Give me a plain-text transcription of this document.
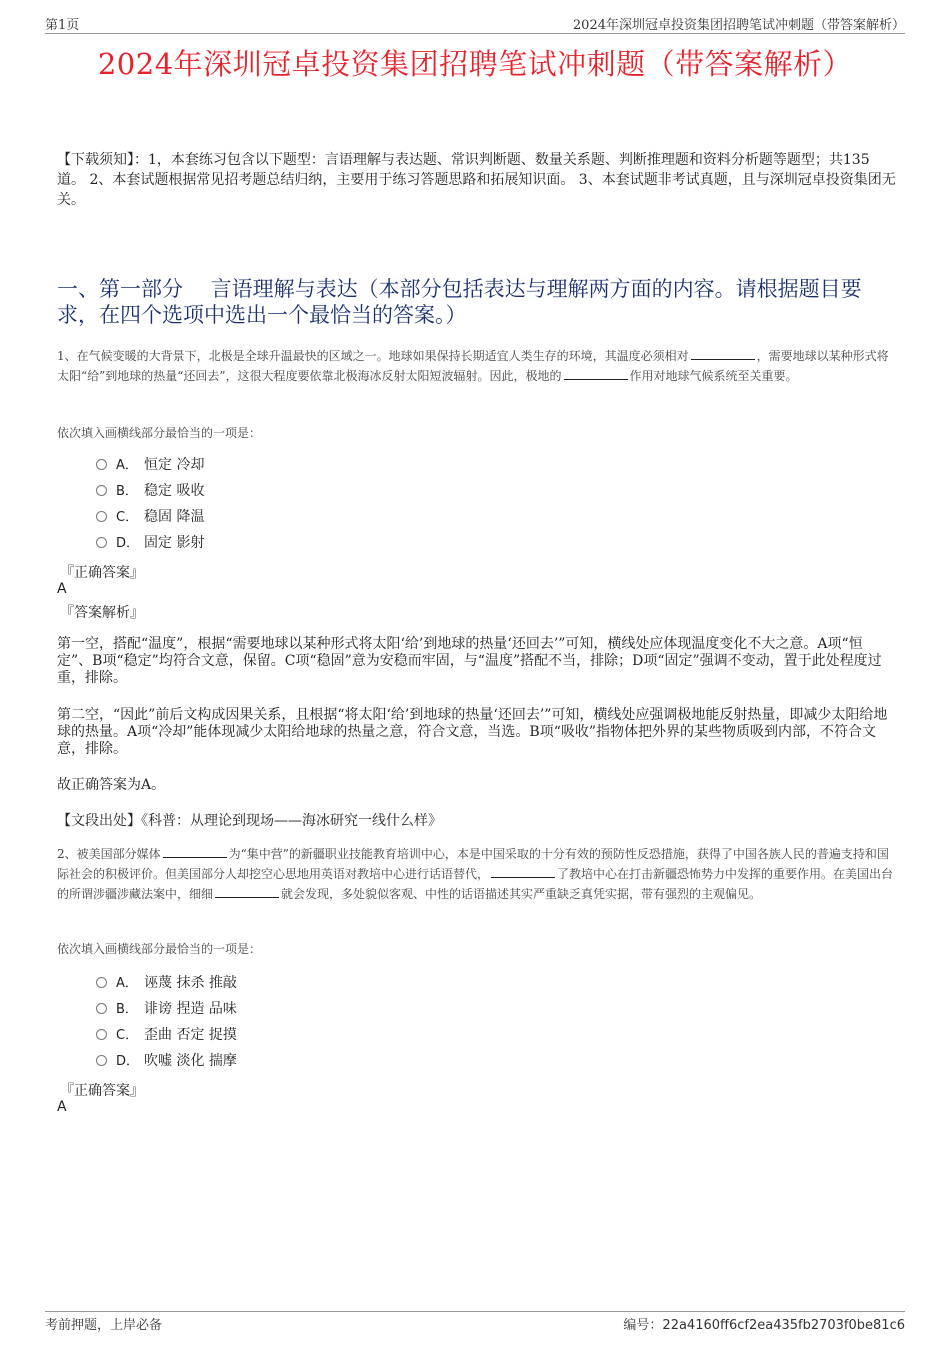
第1页	2024年深圳冠卓投资集团招聘笔试冲刺题（带答案解析）
2024年深圳冠卓投资集团招聘笔试冲刺题（带答案解析）
【下载须知】：1，本套练习包含以下题型：言语理解与表达题、常识判断题、数量关系题、判断推理题和资料分析题等题型；共135道。 2、本套试题根据常见招考题总结归纳，主要用于练习答题思路和拓展知识面。 3、本套试题非考试真题，且与深圳冠卓投资集团无关。
一、第一部分　 言语理解与表达（本部分包括表达与理解两方面的内容。请根据题目要求，在四个选项中选出一个最恰当的答案。）
1、在气候变暖的大背景下，北极是全球升温最快的区域之一。地球如果保持长期适宜人类生存的环境，其温度必须相对	，需要地球以某种形式将太阳“给”到地球的热量“还回去”，这很大程度要依靠北极海冰反射太阳短波辐射。因此，极地的	作用对地球气候系统至关重要。
依次填入画横线部分最恰当的一项是：
A． 恒定 冷却
B． 稳定 吸收
C． 稳固 降温
D． 固定 影射
『正确答案』
A
『答案解析』
第一空，搭配“温度”，根据“需要地球以某种形式将太阳‘给’到地球的热量‘还回去’”可知，横线处应体现温度变化不大之意。A项“恒定”、B项“稳定”均符合文意，保留。C项“稳固”意为安稳而牢固，与“温度”搭配不当，排除；D项“固定”强调不变动，置于此处程度过重，排除。
第二空，“因此”前后文构成因果关系，且根据“将太阳‘给’到地球的热量‘还回去’”可知，横线处应强调极地能反射热量，即减少太阳给地球的热量。A项“冷却”能体现减少太阳给地球的热量之意，符合文意，当选。B项“吸收”指物体把外界的某些物质吸到内部，不符合文意，排除。
故正确答案为A。
【文段出处】《科普：从理论到现场——海冰研究一线什么样》
2、被美国部分媒体	为“集中营”的新疆职业技能教育培训中心，本是中国采取的十分有效的预防性反恐措施，获得了中国各族人民的普遍支持和国际社会的积极评价。但美国部分人却挖空心思地用英语对教培中心进行话语替代，	了教培中心在打击新疆恐怖势力中发挥的重要作用。在美国出台的所谓涉疆涉藏法案中，细细	就会发现，多处貌似客观、中性的话语描述其实严重缺乏真凭实据，带有强烈的主观偏见。
依次填入画横线部分最恰当的一项是：
A． 诬蔑 抹杀 推敲
B． 诽谤 捏造 品味
C． 歪曲 否定 捉摸
D． 吹嘘 淡化 揣摩
『正确答案』
A
考前押题，上岸必备	编号：22a4160ff6cf2ea435fb2703f0be81c6
